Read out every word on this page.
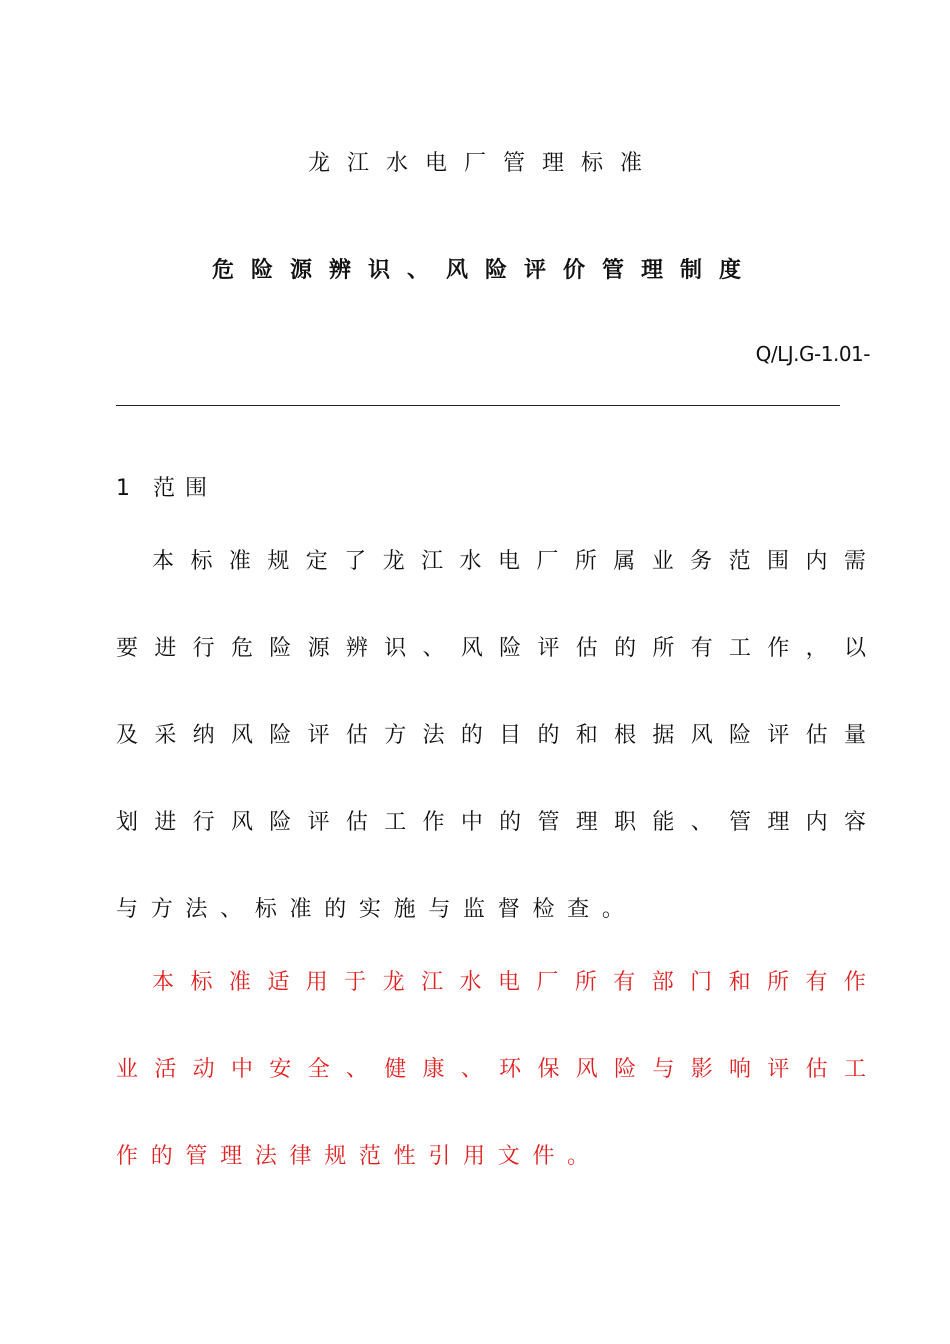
龙江水电厂管理标准
危险源辨识、风险评价管理制度
Q/LJ.G-1.01-
1 范围
本 标 准 规 定 了 龙 江 水 电 厂 所 属 业 务 范 围 内 需
要 进 行 危 险 源 辨 识 、 风 险 评 估 的 所 有 工 作 ， 以
及 采 纳 风 险 评 估 方 法 的 目 的 和 根 据 风 险 评 估 量
划 进 行 风 险 评 估 工 作 中 的 管 理 职 能 、 管 理 内 容
与 方 法 、 标 准 的 实 施 与 监 督 检 查 。
本 标 准 适 用 于 龙 江 水 电 厂 所 有 部 门 和 所 有 作
业 活 动 中 安 全 、 健 康 、 环 保 风 险 与 影 响 评 估 工
作 的 管 理 法 律 规 范 性 引 用 文 件 。
